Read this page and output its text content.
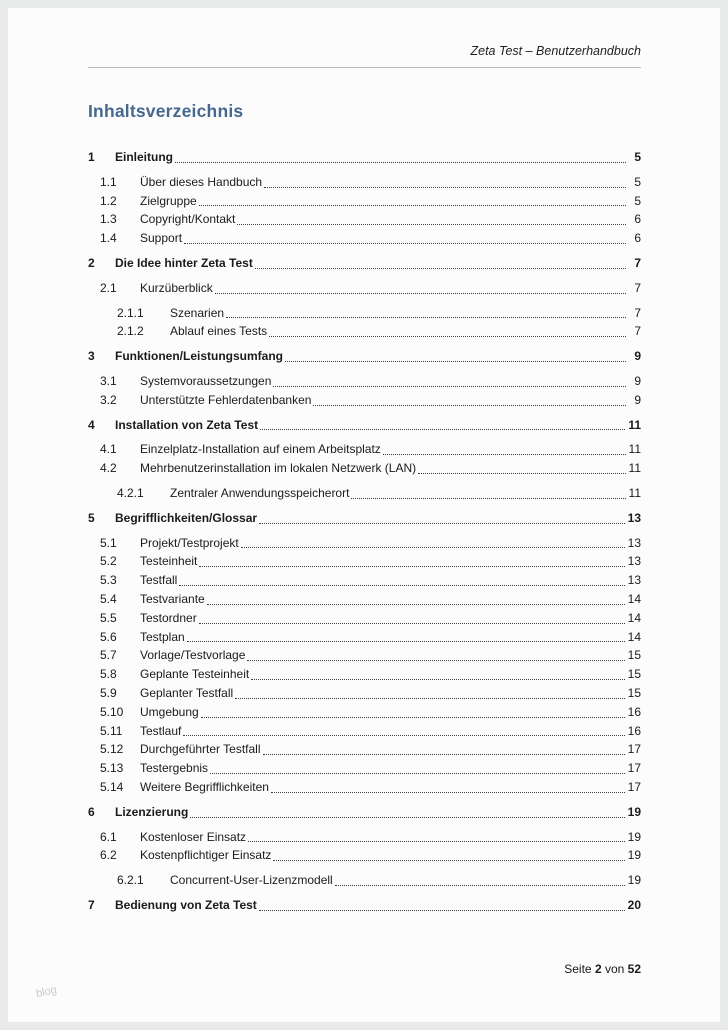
Zeta Test – Benutzerhandbuch
Inhaltsverzeichnis
1	Einleitung	5
1.1	Über dieses Handbuch	5
1.2	Zielgruppe	5
1.3	Copyright/Kontakt	6
1.4	Support	6
2	Die Idee hinter Zeta Test	7
2.1	Kurzüberblick	7
2.1.1	Szenarien	7
2.1.2	Ablauf eines Tests	7
3	Funktionen/Leistungsumfang	9
3.1	Systemvoraussetzungen	9
3.2	Unterstützte Fehlerdatenbanken	9
4	Installation von Zeta Test	11
4.1	Einzelplatz-Installation auf einem Arbeitsplatz	11
4.2	Mehrbenutzerinstallation im lokalen Netzwerk (LAN)	11
4.2.1	Zentraler Anwendungsspeicherort	11
5	Begrifflichkeiten/Glossar	13
5.1	Projekt/Testprojekt	13
5.2	Testeinheit	13
5.3	Testfall	13
5.4	Testvariante	14
5.5	Testordner	14
5.6	Testplan	14
5.7	Vorlage/Testvorlage	15
5.8	Geplante Testeinheit	15
5.9	Geplanter Testfall	15
5.10	Umgebung	16
5.11	Testlauf	16
5.12	Durchgeführter Testfall	17
5.13	Testergebnis	17
5.14	Weitere Begrifflichkeiten	17
6	Lizenzierung	19
6.1	Kostenloser Einsatz	19
6.2	Kostenpflichtiger Einsatz	19
6.2.1	Concurrent-User-Lizenzmodell	19
7	Bedienung von Zeta Test	20
Seite 2 von 52
blog
